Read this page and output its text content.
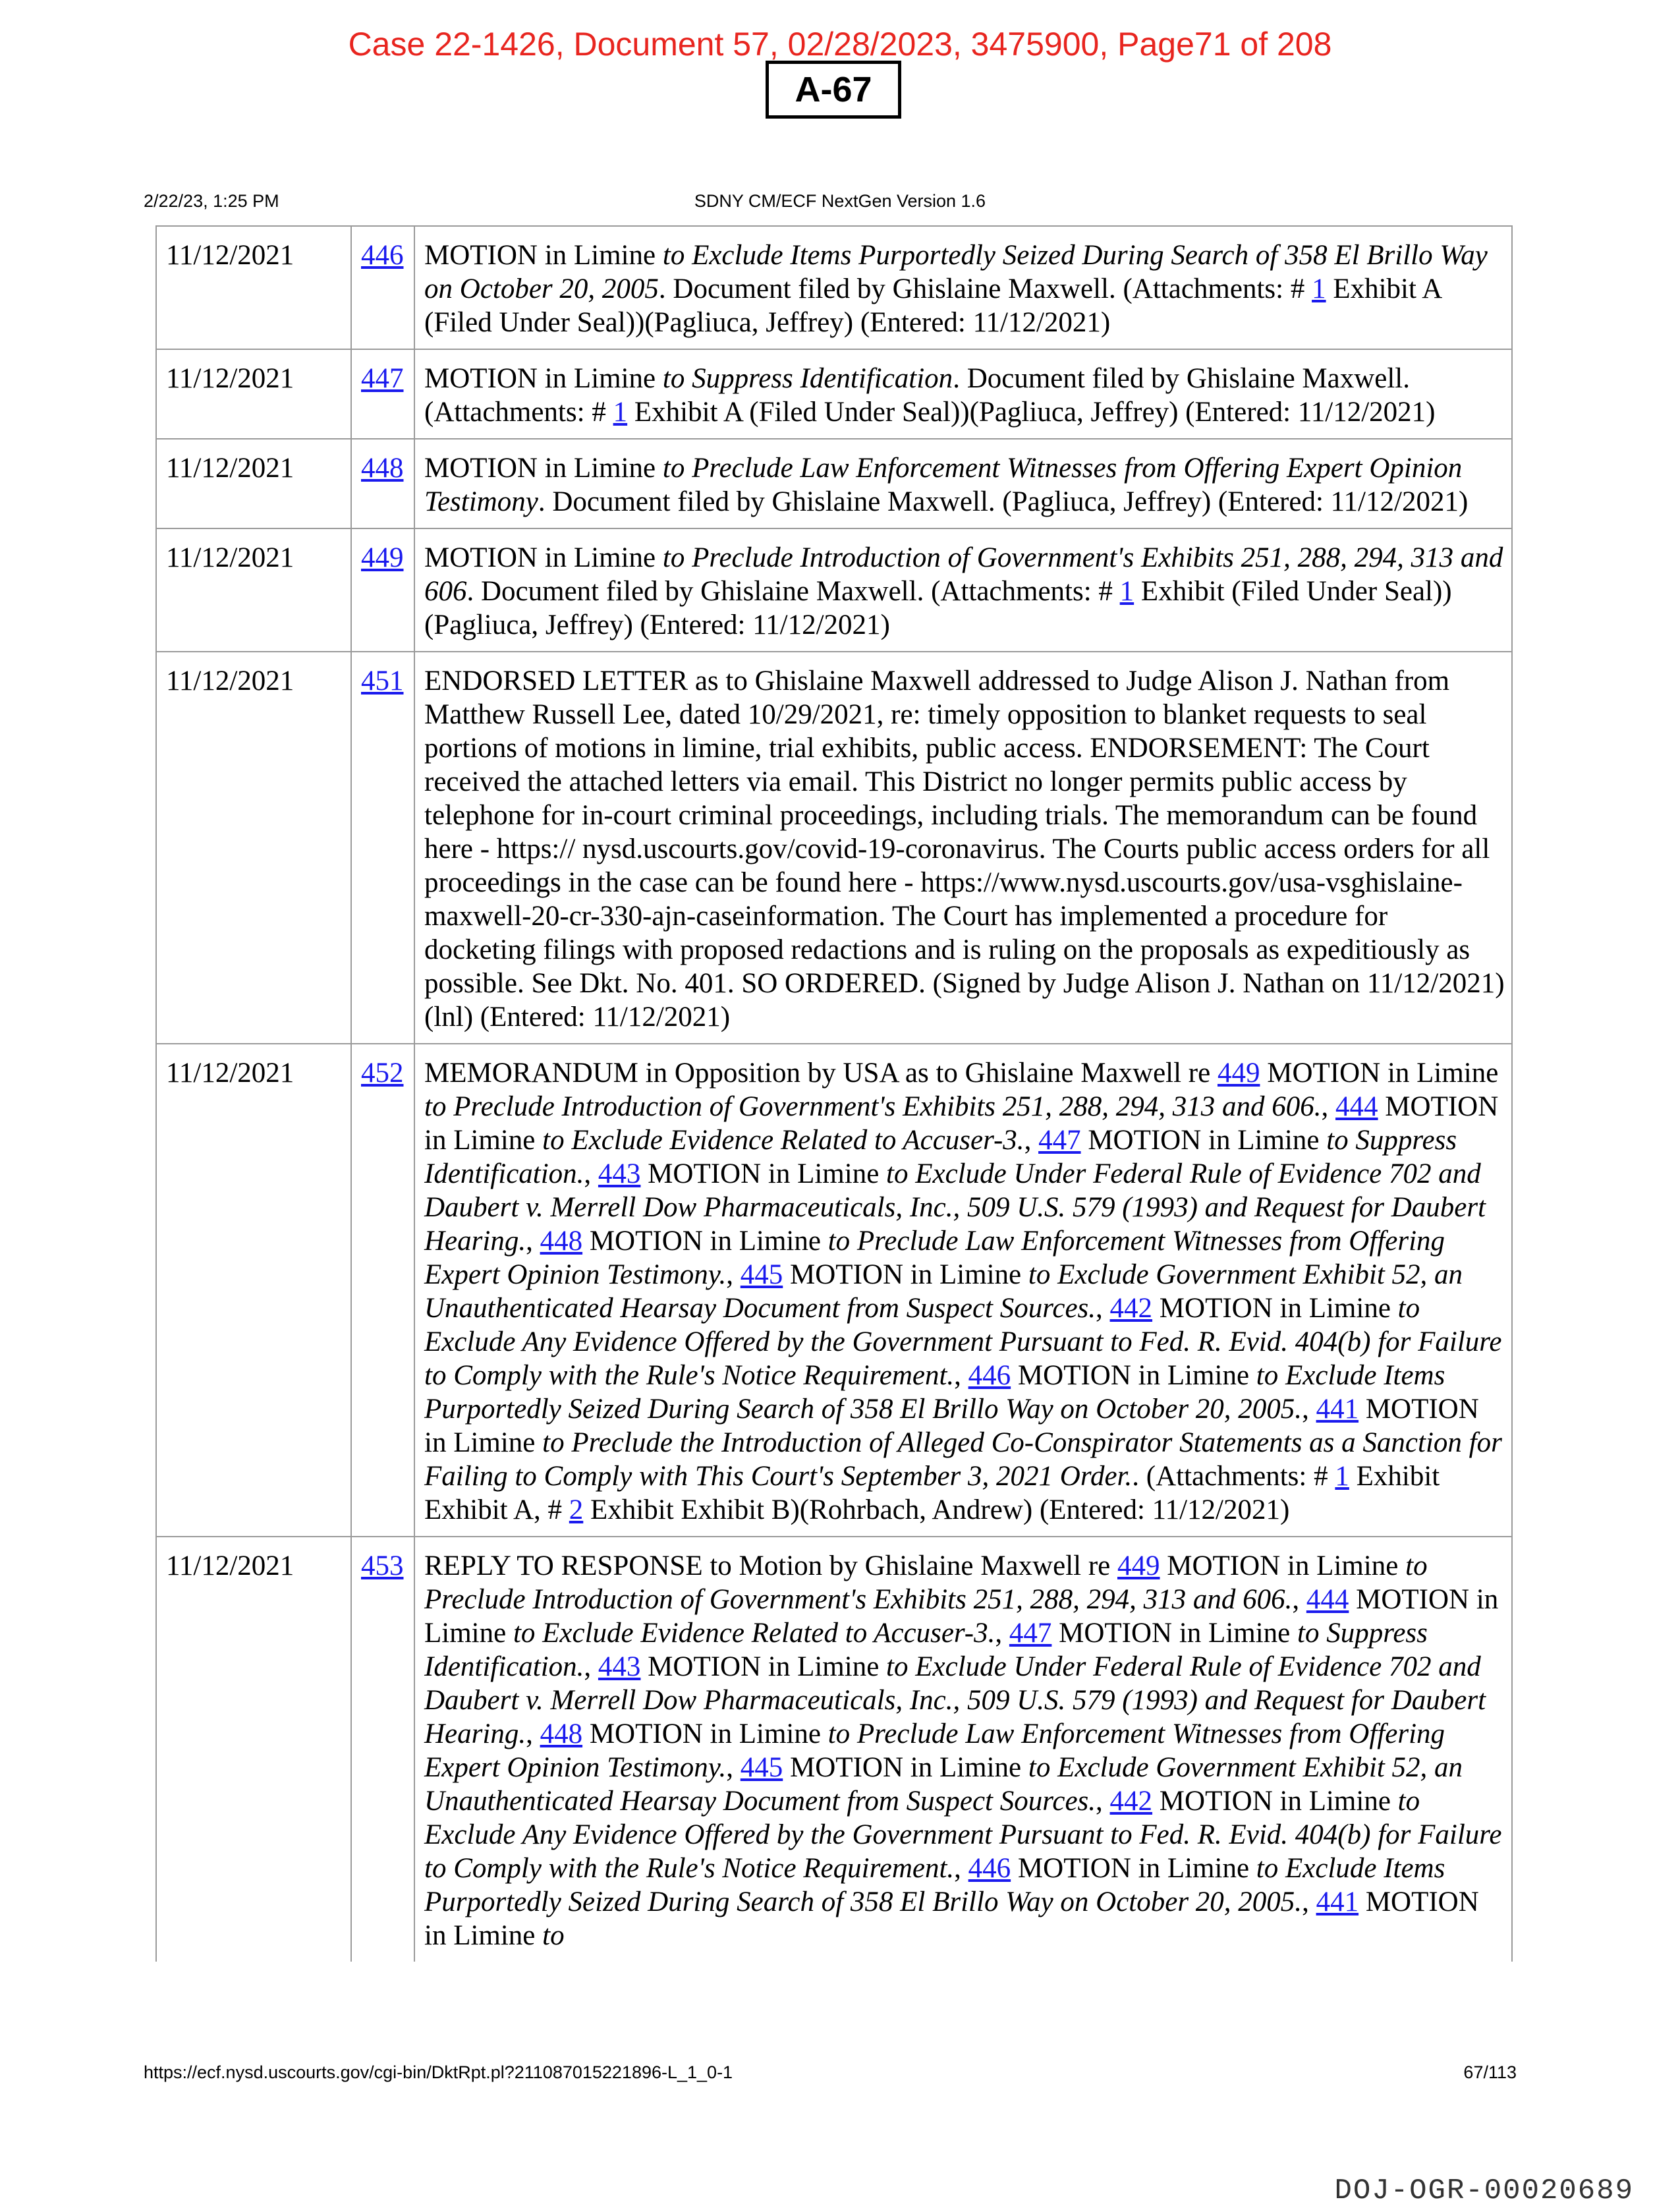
Case 22-1426, Document 57, 02/28/2023, 3475900, Page71 of 208
A-67
SDNY CM/ECF NextGen Version 1.6
2/22/23, 1:25 PM
11/12/2021	446	MOTION in Limine to Exclude Items Purportedly Seized During Search of 358 El Brillo Way on October 20, 2005. Document filed by Ghislaine Maxwell. (Attachments: # 1 Exhibit A (Filed Under Seal))(Pagliuca, Jeffrey) (Entered: 11/12/2021)
11/12/2021	447	MOTION in Limine to Suppress Identification. Document filed by Ghislaine Maxwell. (Attachments: # 1 Exhibit A (Filed Under Seal))(Pagliuca, Jeffrey) (Entered: 11/12/2021)
11/12/2021	448	MOTION in Limine to Preclude Law Enforcement Witnesses from Offering Expert Opinion Testimony. Document filed by Ghislaine Maxwell. (Pagliuca, Jeffrey) (Entered: 11/12/2021)
11/12/2021	449	MOTION in Limine to Preclude Introduction of Government's Exhibits 251, 288, 294, 313 and 606. Document filed by Ghislaine Maxwell. (Attachments: # 1 Exhibit (Filed Under Seal))(Pagliuca, Jeffrey) (Entered: 11/12/2021)
11/12/2021	451	ENDORSED LETTER as to Ghislaine Maxwell addressed to Judge Alison J. Nathan from Matthew Russell Lee, dated 10/29/2021, re: timely opposition to blanket requests to seal portions of motions in limine, trial exhibits, public access. ENDORSEMENT: The Court received the attached letters via email. This District no longer permits public access by telephone for in-court criminal proceedings, including trials. The memorandum can be found here - https:// nysd.uscourts.gov/covid-19-coronavirus. The Courts public access orders for all proceedings in the case can be found here - https://www.nysd.uscourts.gov/usa-vsghislaine- maxwell-20-cr-330-ajn-caseinformation. The Court has implemented a procedure for docketing filings with proposed redactions and is ruling on the proposals as expeditiously as possible. See Dkt. No. 401. SO ORDERED. (Signed by Judge Alison J. Nathan on 11/12/2021) (lnl) (Entered: 11/12/2021)
11/12/2021	452	MEMORANDUM in Opposition by USA as to Ghislaine Maxwell re 449 MOTION in Limine to Preclude Introduction of Government's Exhibits 251, 288, 294, 313 and 606., 444 MOTION in Limine to Exclude Evidence Related to Accuser-3., 447 MOTION in Limine to Suppress Identification., 443 MOTION in Limine to Exclude Under Federal Rule of Evidence 702 and Daubert v. Merrell Dow Pharmaceuticals, Inc., 509 U.S. 579 (1993) and Request for Daubert Hearing., 448 MOTION in Limine to Preclude Law Enforcement Witnesses from Offering Expert Opinion Testimony., 445 MOTION in Limine to Exclude Government Exhibit 52, an Unauthenticated Hearsay Document from Suspect Sources., 442 MOTION in Limine to Exclude Any Evidence Offered by the Government Pursuant to Fed. R. Evid. 404(b) for Failure to Comply with the Rule's Notice Requirement., 446 MOTION in Limine to Exclude Items Purportedly Seized During Search of 358 El Brillo Way on October 20, 2005., 441 MOTION in Limine to Preclude the Introduction of Alleged Co-Conspirator Statements as a Sanction for Failing to Comply with This Court's September 3, 2021 Order.. (Attachments: # 1 Exhibit Exhibit A, # 2 Exhibit Exhibit B)(Rohrbach, Andrew) (Entered: 11/12/2021)
11/12/2021	453	REPLY TO RESPONSE to Motion by Ghislaine Maxwell re 449 MOTION in Limine to Preclude Introduction of Government's Exhibits 251, 288, 294, 313 and 606., 444 MOTION in Limine to Exclude Evidence Related to Accuser-3., 447 MOTION in Limine to Suppress Identification., 443 MOTION in Limine to Exclude Under Federal Rule of Evidence 702 and Daubert v. Merrell Dow Pharmaceuticals, Inc., 509 U.S. 579 (1993) and Request for Daubert Hearing., 448 MOTION in Limine to Preclude Law Enforcement Witnesses from Offering Expert Opinion Testimony., 445 MOTION in Limine to Exclude Government Exhibit 52, an Unauthenticated Hearsay Document from Suspect Sources., 442 MOTION in Limine to Exclude Any Evidence Offered by the Government Pursuant to Fed. R. Evid. 404(b) for Failure to Comply with the Rule's Notice Requirement., 446 MOTION in Limine to Exclude Items Purportedly Seized During Search of 358 El Brillo Way on October 20, 2005., 441 MOTION in Limine to
https://ecf.nysd.uscourts.gov/cgi-bin/DktRpt.pl?211087015221896-L_1_0-1	67/113
DOJ-OGR-00020689
